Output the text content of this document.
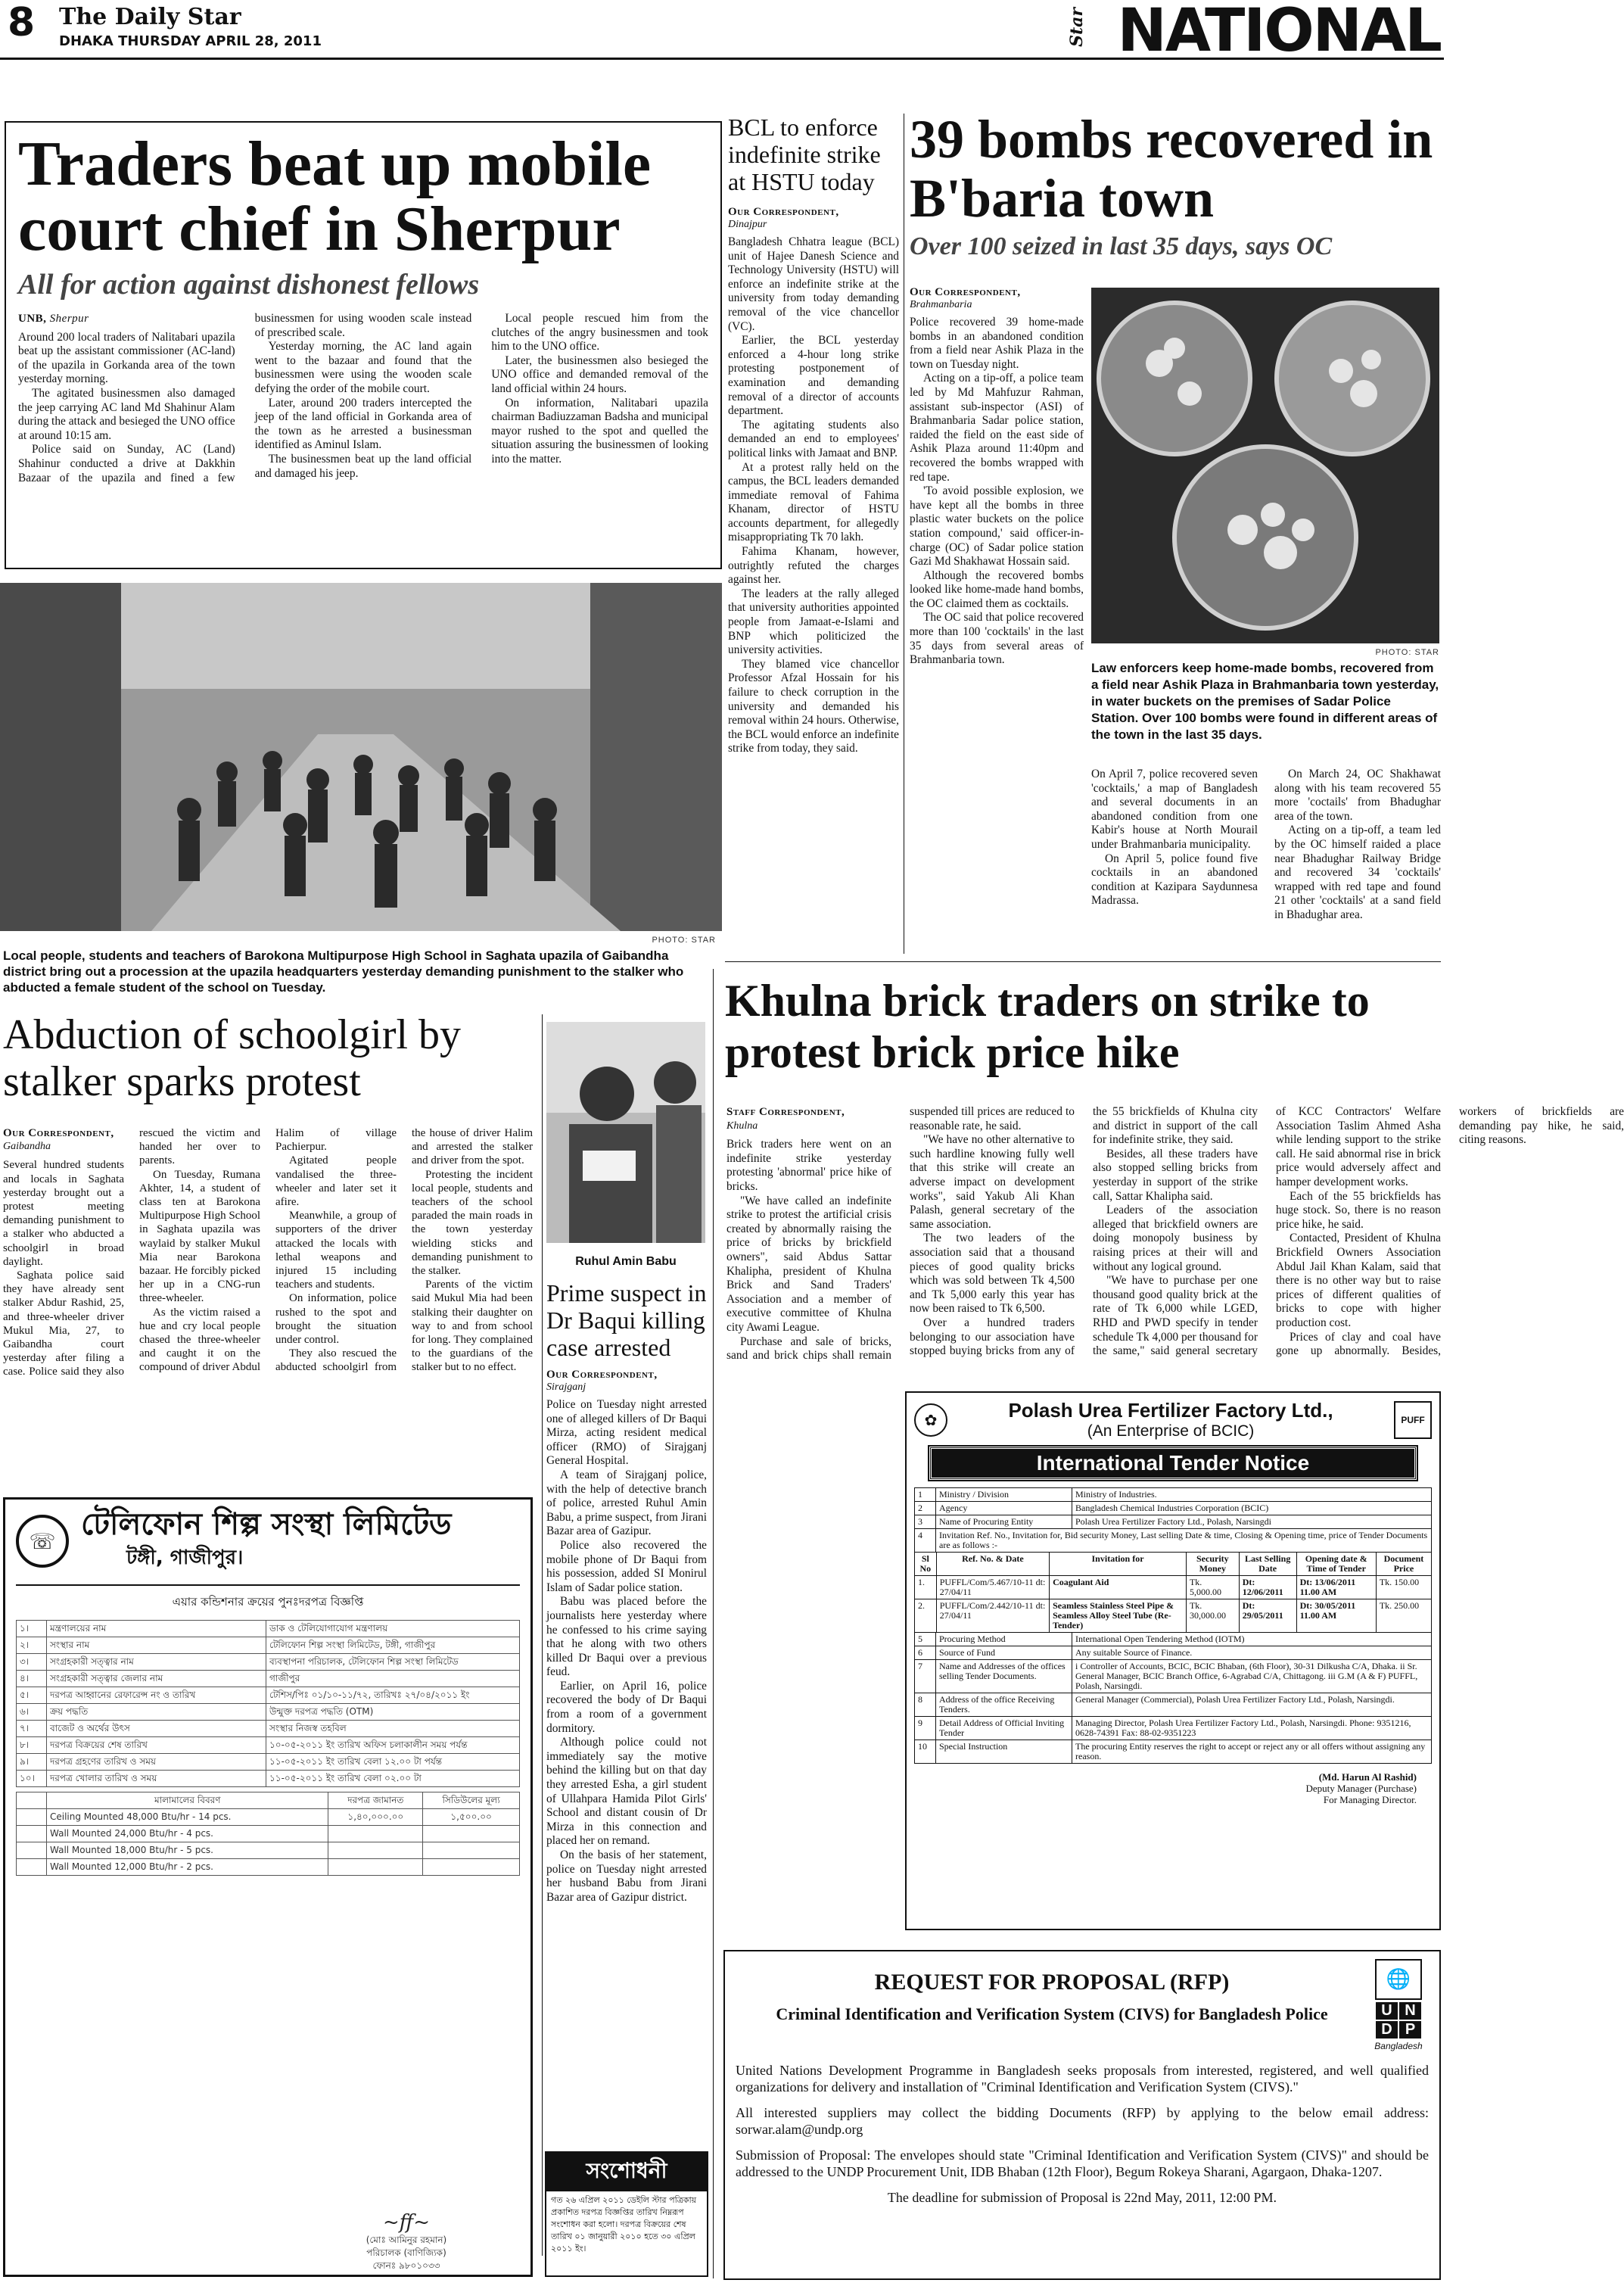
8 The Daily Star
DHAKA THURSDAY APRIL 28, 2011	Star NATIONAL
Traders beat up mobile court chief in Sherpur
All for action against dishonest fellows
UNB, Sherpur

Around 200 local traders of Nalitabari upazila beat up the assistant commissioner (AC-land) of the upazila in Gorkanda area of the town yesterday morning.

The agitated businessmen also damaged the jeep carrying AC land Md Shahinur Alam during the attack and besieged the UNO office at around 10:15 am.

Police said on Sunday, AC (Land) Shahinur conducted a drive at Dakkhin Bazaar of the upazila and fined a few businessmen for using wooden scale instead of prescribed scale.

Yesterday morning, the AC land again went to the bazaar and found that the businessmen were using the wooden scale defying the order of the mobile court.

Later, around 200 traders intercepted the jeep of the land official in Gorkanda area of the town as he arrested a businessman identified as Aminul Islam.

The businessmen beat up the land official and damaged his jeep.

Local people rescued him from the clutches of the angry businessmen and took him to the UNO office.

Later, the businessmen also besieged the UNO office and demanded removal of the land official within 24 hours.

On information, Nalitabari upazila chairman Badiuzzaman Badsha and municipal mayor rushed to the spot and quelled the situation assuring the businessmen of looking into the matter.

PHOTO: STAR
Local people, students and teachers of Barokona Multipurpose High School in Saghata upazila of Gaibandha district bring out a procession at the upazila headquarters yesterday demanding punishment to the stalker who abducted a female student of the school on Tuesday.
BCL to enforce indefinite strike at HSTU today
Our Correspondent,
Dinajpur

Bangladesh Chhatra league (BCL) unit of Hajee Danesh Science and Technology University (HSTU) will enforce an indefinite strike at the university from today demanding removal of the vice chancellor (VC).

Earlier, the BCL yesterday enforced a 4-hour long strike protesting postponement of examination and demanding removal of a director of accounts department.

The agitating students also demanded an end to employees' political links with Jamaat and BNP.

At a protest rally held on the campus, the BCL leaders demanded immediate removal of Fahima Khanam, director of HSTU accounts department, for allegedly misappropriating Tk 70 lakh.

Fahima Khanam, however, outrightly refuted the charges against her.

The leaders at the rally alleged that university authorities appointed people from Jamaat-e-Islami and BNP which politicized the university activities.

They blamed vice chancellor Professor Afzal Hossain for his failure to check corruption in the university and demanded his removal within 24 hours. Otherwise, the BCL would enforce an indefinite strike from today, they said.

39 bombs recovered in B'baria town
Over 100 seized in last 35 days, says OC
Our Correspondent,
Brahmanbaria

Police recovered 39 home-made bombs in an abandoned condition from a field near Ashik Plaza in the town on Tuesday night.

Acting on a tip-off, a police team led by Md Mahfuzur Rahman, assistant sub-inspector (ASI) of Brahmanbaria Sadar police station, raided the field on the east side of Ashik Plaza around 11:40pm and recovered the bombs wrapped with red tape.

'To avoid possible explosion, we have kept all the bombs in three plastic water buckets on the police station compound,' said officer-in-charge (OC) of Sadar police station Gazi Md Shakhawat Hossain said.

Although the recovered bombs looked like home-made hand bombs, the OC claimed them as cocktails.

The OC said that police recovered more than 100 'cocktails' in the last 35 days from several areas of Brahmanbaria town.

PHOTO: STAR
Law enforcers keep home-made bombs, recovered from a field near Ashik Plaza in Brahmanbaria town yesterday, in water buckets on the premises of Sadar Police Station. Over 100 bombs were found in different areas of the town in the last 35 days.

On April 7, police recovered seven 'cocktails,' a map of Bangladesh and several documents in an abandoned condition from one Kabir's house at North Mourail under Brahmanbaria municipality.

On April 5, police found five cocktails in an abandoned condition at Kazipara Saydunnesa Madrassa.

On March 24, OC Shakhawat along with his team recovered 55 more 'coctails' from Bhadughar area of the town.

Acting on a tip-off, a team led by the OC himself raided a place near Bhadughar Railway Bridge and recovered 34 'cocktails' wrapped with red tape and found 21 other 'cocktails' at a sand field in Bhadughar area.

Abduction of schoolgirl by stalker sparks protest
Our Correspondent,
Gaibandha

Several hundred students and locals in Saghata yesterday brought out a protest meeting demanding punishment to a stalker who abducted a schoolgirl in broad daylight.

Saghata police said they have already sent stalker Abdur Rashid, 25, and three-wheeler driver Mukul Mia, 27, to Gaibandha court yesterday after filing a case. Police said they also rescued the victim and handed her over to parents.

On Tuesday, Rumana Akhter, 14, a student of class ten at Barokona Multipurpose High School in Saghata upazila was waylaid by stalker Mukul Mia near Barokona bazaar. He forcibly picked her up in a CNG-run three-wheeler.

As the victim raised a hue and cry local people chased the three-wheeler and caught it on the compound of driver Abdul Halim of village Pachierpur.

Agitated people vandalised the three-wheeler and later set it afire.

Meanwhile, a group of supporters of the driver attacked the locals with lethal weapons and injured 15 including teachers and students.

On information, police rushed to the spot and brought the situation under control.

They also rescued the abducted schoolgirl from the house of driver Halim and arrested the stalker and driver from the spot.

Protesting the incident local people, students and teachers of the school paraded the main roads in the town yesterday wielding sticks and demanding punishment to the stalker.

Parents of the victim said Mukul Mia had been stalking their daughter on way to and from school for long. They complained to the guardians of the stalker but to no effect.

Ruhul Amin Babu
Prime suspect in Dr Baqui killing case arrested
Our Correspondent,
Sirajganj

Police on Tuesday night arrested one of alleged killers of Dr Baqui Mirza, acting resident medical officer (RMO) of Sirajganj General Hospital.

A team of Sirajganj police, with the help of detective branch of police, arrested Ruhul Amin Babu, a prime suspect, from Jirani Bazar area of Gazipur.

Police also recovered the mobile phone of Dr Baqui from his possession, added SI Monirul Islam of Sadar police station.

Babu was placed before the journalists here yesterday where he confessed to his crime saying that he along with two others killed Dr Baqui over a previous feud.

Earlier, on April 16, police recovered the body of Dr Baqui from a room of a government dormitory.

Although police could not immediately say the motive behind the killing but on that day they arrested Esha, a girl student of Ullahpara Hamida Pilot Girls' School and distant cousin of Dr Mirza in this connection and placed her on remand.

On the basis of her statement, police on Tuesday night arrested her husband Babu from Jirani Bazar area of Gazipur district.

☏ টেলিফোন শিল্প সংস্থা লিমিটেড
টঙ্গী, গাজীপুর।
এয়ার কন্ডিশনার ক্রয়ের পুনঃদরপত্র বিজ্ঞপ্তি
১।	মন্ত্রণালয়ের নাম	ডাক ও টেলিযোগাযোগ মন্ত্রণালয়
২।	সংস্থার নাম	টেলিফোন শিল্প সংস্থা লিমিটেড, টঙ্গী, গাজীপুর
৩।	সংগ্রহকারী সত্ত্বার নাম	ব্যবস্থাপনা পরিচালক, টেলিফোন শিল্প সংস্থা লিমিটেড
৪।	সংগ্রহকারী সত্ত্বার জেলার নাম	গাজীপুর
৫।	দরপত্র আহ্বানের রেফারেন্স নং ও তারিখ	টেশিস/পিঃ ০১/১০-১১/৭২, তারিখঃ ২৭/০৪/২০১১ ইং
৬।	ক্রয় পদ্ধতি	উন্মুক্ত দরপত্র পদ্ধতি (OTM)
৭।	বাজেট ও অর্থের উৎস	সংস্থার নিজস্ব তহবিল
৮।	দরপত্র বিক্রয়ের শেষ তারিখ	১০-০৫-২০১১ ইং তারিখ অফিস চলাকালীন সময় পর্যন্ত
৯।	দরপত্র গ্রহণের তারিখ ও সময়	১১-০৫-২০১১ ইং তারিখ বেলা ১২.০০ টা পর্যন্ত
১০।	দরপত্র খোলার তারিখ ও সময়	১১-০৫-২০১১ ইং তারিখ বেলা ০২.০০ টা
	মালামালের বিবরণ	দরপত্র জামানত	সিডিউলের মূল্য
	Ceiling Mounted 48,000 Btu/hr - 14 pcs.	১,৪০,০০০.০০	১,৫০০.০০
	Wall Mounted 24,000 Btu/hr - 4 pcs.		
	Wall Mounted 18,000 Btu/hr - 5 pcs.		
	Wall Mounted 12,000 Btu/hr - 2 pcs.		
~ff~
(মোঃ আমিনুর রহমান)
পরিচালক (বাণিজ্যিক)
ফোনঃ ৯৮০১০৩৩
Khulna brick traders on strike to protest brick price hike
Staff Correspondent,
Khulna

Brick traders here went on an indefinite strike yesterday protesting 'abnormal' price hike of bricks.

"We have called an indefinite strike to protest the artificial crisis created by abnormally raising the price of bricks by brickfield owners", said Abdus Sattar Khalipha, president of Khulna Brick and Sand Traders' Association and a member of executive committee of Khulna city Awami League.

Purchase and sale of bricks, sand and brick chips shall remain suspended till prices are reduced to reasonable rate, he said.

"We have no other alternative to such hardline knowing fully well that this strike will create an adverse impact on development works", said Yakub Ali Khan Palash, general secretary of the same association.

The two leaders of the association said that a thousand pieces of good quality bricks which was sold between Tk 4,500 and Tk 5,000 early this year has now been raised to Tk 6,500.

Over a hundred traders belonging to our association have stopped buying bricks from any of the 55 brickfields of Khulna city and district in support of the call for indefinite strike, they said.

Besides, all these traders have also stopped selling bricks from yesterday in support of the strike call, Sattar Khalipha said.

Leaders of the association alleged that brickfield owners are doing monopoly business by raising prices at their will and without any logical ground.

"We have to purchase per one thousand good quality brick at the rate of Tk 6,000 while LGED, RHD and PWD specify in tender schedule Tk 4,000 per thousand for the same," said general secretary of KCC Contractors' Welfare Association Taslim Ahmed Asha while lending support to the strike call. He said abnormal rise in brick price would adversely affect and hamper development works.

Each of the 55 brickfields has huge stock. So, there is no reason price hike, he said.

Contacted, President of Khulna Brickfield Owners Association Abdul Jail Khan Kalam, said that there is no other way but to raise prices of different qualities of bricks to cope with higher production cost.

Prices of clay and coal have gone up abnormally. Besides, workers of brickfields are demanding pay hike, he said, citing reasons.

✿	Polash Urea Fertilizer Factory Ltd.,
(An Enterprise of BCIC)
PUFF
International Tender Notice
1	Ministry / Division	Ministry of Industries.
2	Agency	Bangladesh Chemical Industries Corporation (BCIC)
3	Name of Procuring Entity	Polash Urea Fertilizer Factory Ltd., Polash, Narsingdi
4	Invitation Ref. No., Invitation for, Bid security Money, Last selling Date & time, Closing & Opening time, price of Tender Documents are as follows :-	
Sl No	Ref. No. & Date	Invitation for	Security Money	Last Selling Date	Opening date & Time of Tender	Document Price
1.	PUFFL/Com/5.467/10-11 dt: 27/04/11	Coagulant Aid	Tk. 5,000.00	Dt: 12/06/2011	Dt: 13/06/2011 11.00 AM	Tk. 150.00
2.	PUFFL/Com/2.442/10-11 dt: 27/04/11	Seamless Stainless Steel Pipe & Seamless Alloy Steel Tube (Re-Tender)	Tk. 30,000.00	Dt: 29/05/2011	Dt: 30/05/2011 11.00 AM	Tk. 250.00
5	Procuring Method	International Open Tendering Method (IOTM)
6	Source of Fund	Any suitable Source of Finance.
7	Name and Addresses of the offices selling Tender Documents.	i Controller of Accounts, BCIC, BCIC Bhaban, (6th Floor), 30-31 Dilkusha C/A, Dhaka. ii Sr. General Manager, BCIC Branch Office, 6-Agrabad C/A, Chittagong. iii G.M (A & F) PUFFL, Polash, Narsingdi.
8	Address of the office Receiving Tenders.	General Manager (Commercial), Polash Urea Fertilizer Factory Ltd., Polash, Narsingdi.
9	Detail Address of Official Inviting Tender	Managing Director, Polash Urea Fertilizer Factory Ltd., Polash, Narsingdi. Phone: 9351216, 0628-74391 Fax: 88-02-9351223
10	Special Instruction	The procuring Entity reserves the right to accept or reject any or all offers without assigning any reason.
(Md. Harun Al Rashid)
Deputy Manager (Purchase)
For Managing Director.
REQUEST FOR PROPOSAL (RFP)
Criminal Identification and Verification System (CIVS) for Bangladesh Police
🌐
U N
D P
Bangladesh

United Nations Development Programme in Bangladesh seeks proposals from interested, registered, and well qualified organizations for delivery and installation of "Criminal Identification and Verification System (CIVS)."

All interested suppliers may collect the bidding Documents (RFP) by applying to the below email address: sorwar.alam@undp.org

Submission of Proposal: The envelopes should state "Criminal Identification and Verification System (CIVS)" and should be addressed to the UNDP Procurement Unit, IDB Bhaban (12th Floor), Begum Rokeya Sharani, Agargaon, Dhaka-1207.

The deadline for submission of Proposal is 22nd May, 2011, 12:00 PM.

সংশোধনী
গত ২৬ এপ্রিল ২০১১ ডেইলি স্টার পত্রিকায় প্রকাশিত দরপত্র বিজ্ঞপ্তির তারিখ নিম্নরূপ সংশোধন করা হলো। দরপত্র বিক্রয়ের শেষ তারিখ ০১ জানুয়ারী ২০১০ হতে ৩০ এপ্রিল ২০১১ ইং।
